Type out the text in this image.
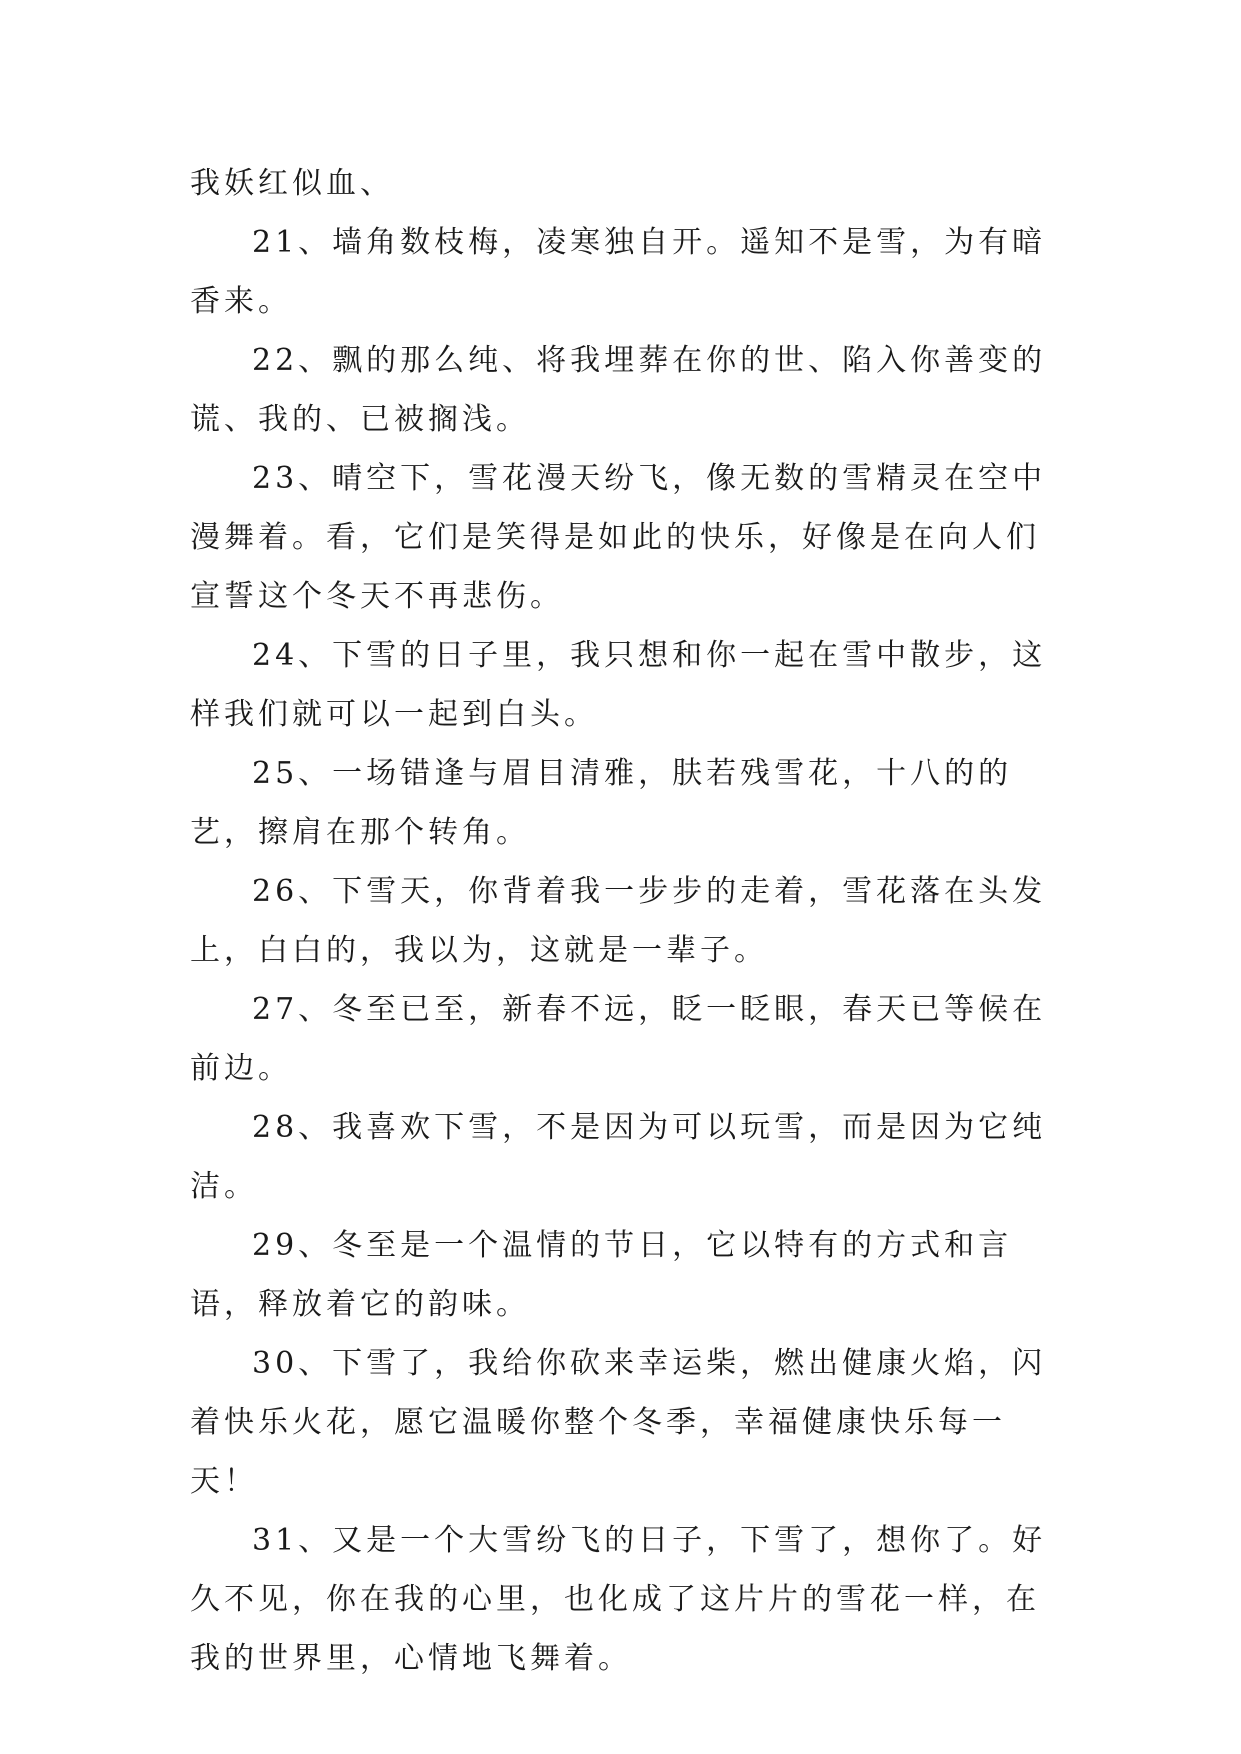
我妖红似血、

21、墙角数枝梅，凌寒独自开。遥知不是雪，为有暗香来。

22、飘的那么纯、将我埋葬在你的世、陷入你善变的谎、我的、已被搁浅。

23、晴空下，雪花漫天纷飞，像无数的雪精灵在空中漫舞着。看，它们是笑得是如此的快乐，好像是在向人们宣誓这个冬天不再悲伤。

24、下雪的日子里，我只想和你一起在雪中散步，这样我们就可以一起到白头。

25、一场错逢与眉目清雅，肤若残雪花，十八的的艺，擦肩在那个转角。

26、下雪天，你背着我一步步的走着，雪花落在头发上，白白的，我以为，这就是一辈子。

27、冬至已至，新春不远，眨一眨眼，春天已等候在前边。

28、我喜欢下雪，不是因为可以玩雪，而是因为它纯洁。

29、冬至是一个温情的节日，它以特有的方式和言语，释放着它的韵味。

30、下雪了，我给你砍来幸运柴，燃出健康火焰，闪着快乐火花，愿它温暖你整个冬季，幸福健康快乐每一天！

31、又是一个大雪纷飞的日子，下雪了，想你了。好久不见，你在我的心里，也化成了这片片的雪花一样，在我的世界里，心情地飞舞着。
